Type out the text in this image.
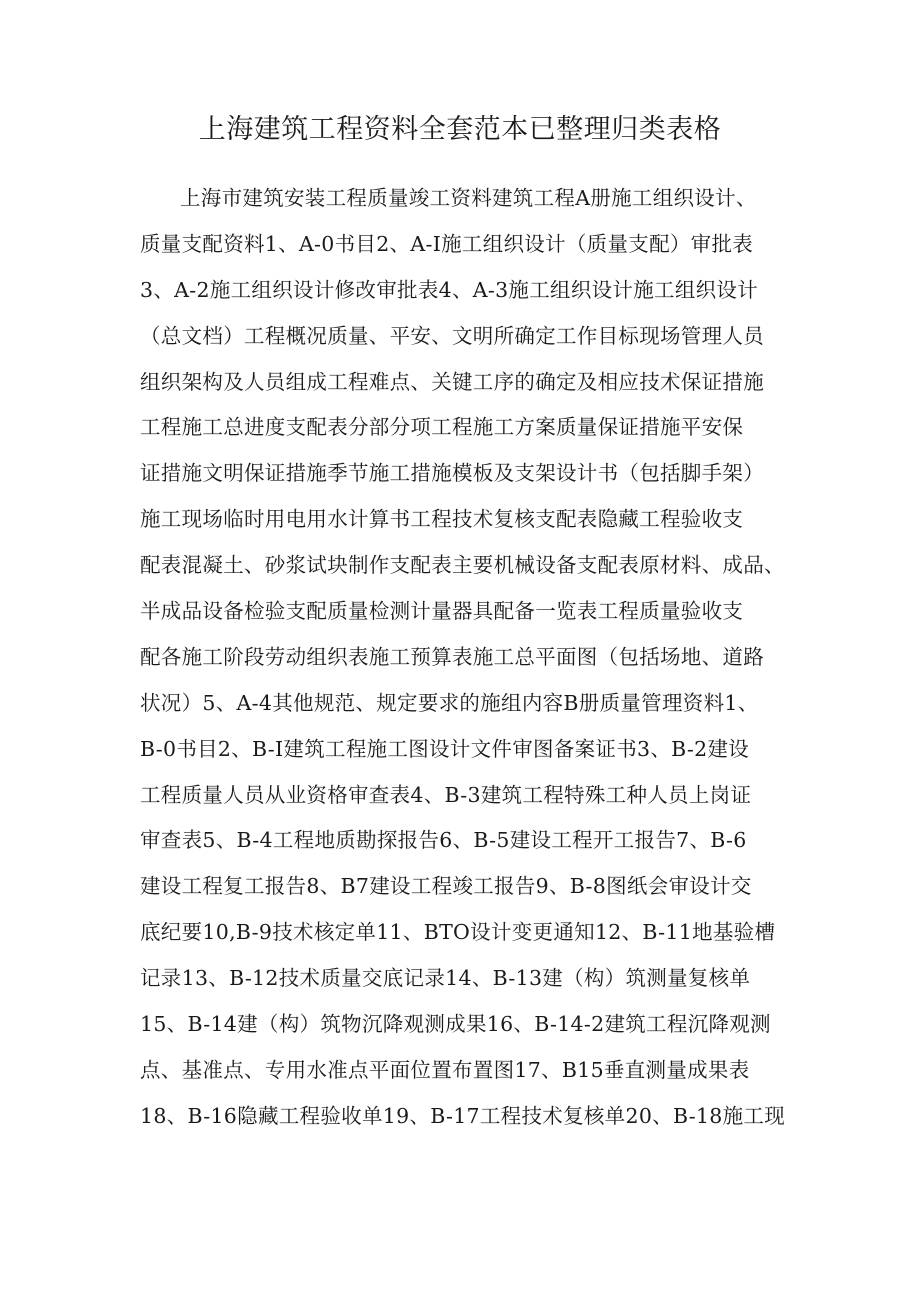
上海建筑工程资料全套范本已整理归类表格
上海市建筑安装工程质量竣工资料建筑工程A册施工组织设计、
质量支配资料1、A-0书目2、A-I施工组织设计（质量支配）审批表
3、A-2施工组织设计修改审批表4、A-3施工组织设计施工组织设计
（总文档）工程概况质量、平安、文明所确定工作目标现场管理人员
组织架构及人员组成工程难点、关键工序的确定及相应技术保证措施
工程施工总进度支配表分部分项工程施工方案质量保证措施平安保
证措施文明保证措施季节施工措施模板及支架设计书（包括脚手架）
施工现场临时用电用水计算书工程技术复核支配表隐藏工程验收支
配表混凝土、砂浆试块制作支配表主要机械设备支配表原材料、成品、
半成品设备检验支配质量检测计量器具配备一览表工程质量验收支
配各施工阶段劳动组织表施工预算表施工总平面图（包括场地、道路
状况）5、A-4其他规范、规定要求的施组内容B册质量管理资料1、
B-0书目2、B-I建筑工程施工图设计文件审图备案证书3、B-2建设
工程质量人员从业资格审查表4、B-3建筑工程特殊工种人员上岗证
审查表5、B-4工程地质勘探报告6、B-5建设工程开工报告7、B-6
建设工程复工报告8、B7建设工程竣工报告9、B-8图纸会审设计交
底纪要10,B-9技术核定单11、BTO设计变更通知12、B-11地基验槽
记录13、B-12技术质量交底记录14、B-13建（构）筑测量复核单
15、B-14建（构）筑物沉降观测成果16、B-14-2建筑工程沉降观测
点、基准点、专用水准点平面位置布置图17、B15垂直测量成果表
18、B-16隐藏工程验收单19、B-17工程技术复核单20、B-18施工现
